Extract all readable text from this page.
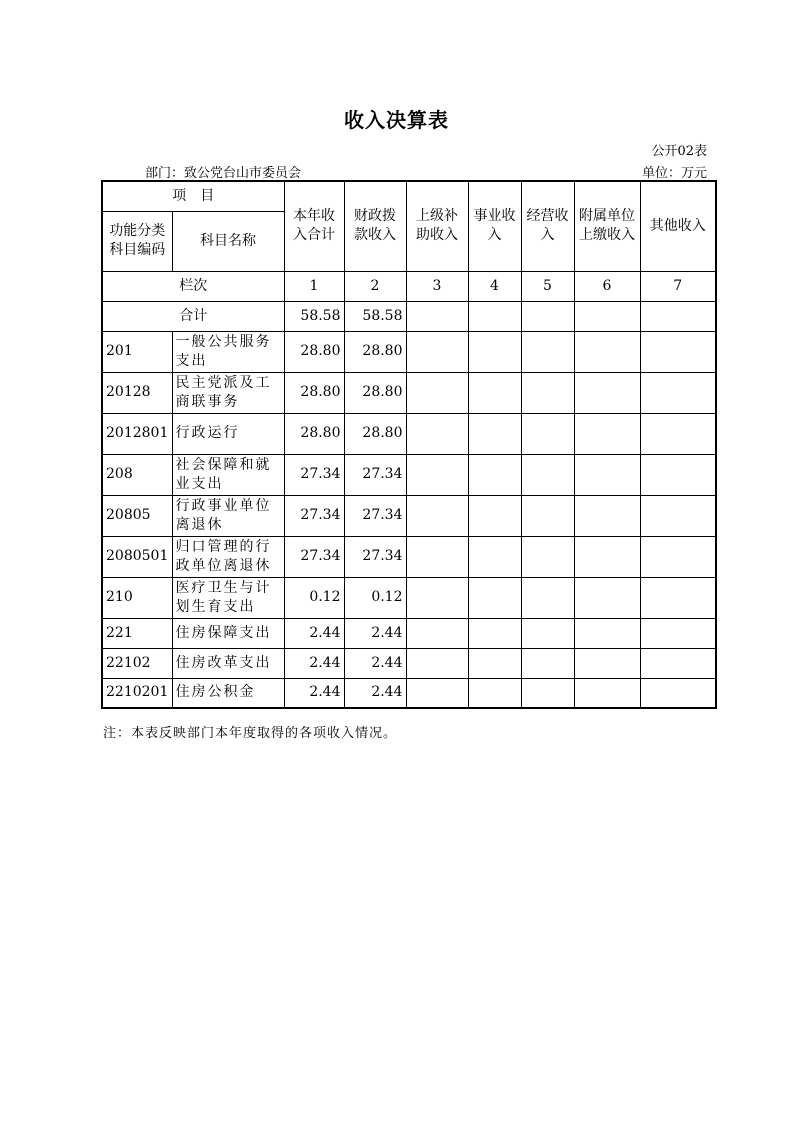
收入决算表
公开02表
部门：致公党台山市委员会	单位：万元
项　目		本年收入合计	财政拨款收入	上级补助收入	事业收入	经营收入	附属单位上缴收入	其他收入
功能分类科目编码	科目名称							
栏次		1	2	3	4	5	6	7
合计		58.58	58.58					
201	一般公共服务支出	28.80	28.80					
20128	民主党派及工商联事务	28.80	28.80					
2012801	行政运行	28.80	28.80					
208	社会保障和就业支出	27.34	27.34					
20805	行政事业单位离退休	27.34	27.34					
2080501	归口管理的行政单位离退休	27.34	27.34					
210	医疗卫生与计划生育支出	0.12	0.12					
221	住房保障支出	2.44	2.44					
22102	住房改革支出	2.44	2.44					
2210201	住房公积金	2.44	2.44					
注：本表反映部门本年度取得的各项收入情况。
